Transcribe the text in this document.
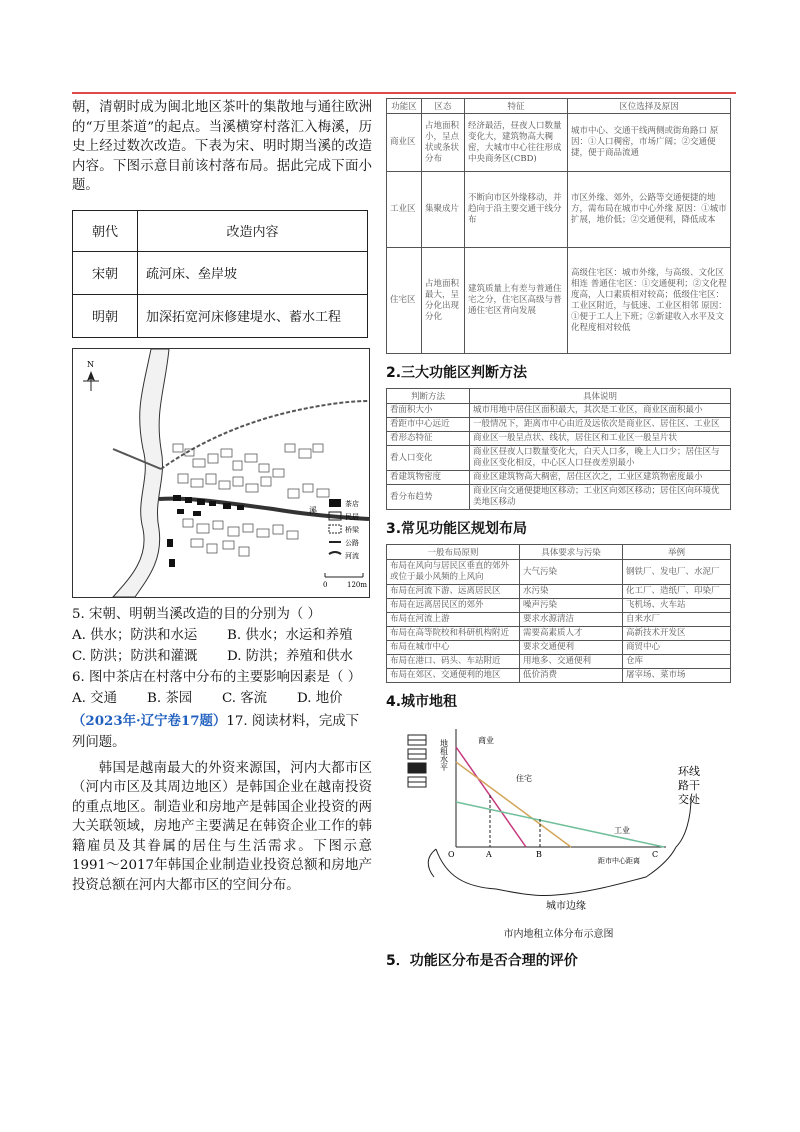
朝，清朝时成为闽北地区茶叶的集散地与通往欧洲的“万里茶道”的起点。当溪横穿村落汇入梅溪，历史上经过数次改造。下表为宋、明时期当溪的改造内容。下图示意目前该村落布局。据此完成下面小题。

朝代	改造内容
宋朝	疏河床、垒岸坡
明朝	加深拓宽河床修建堤水、蓄水工程
N
溪
茶店
民居
桥梁
公路
河流
0	120m

5. 宋朝、明朝当溪改造的目的分别为（ ）

A. 供水；防洪和水运	B. 供水；水运和养殖
C. 防洪；防洪和灌溉	D. 防洪；养殖和供水

6. 图中茶店在村落中分布的主要影响因素是（ ）

A. 交通	B. 茶园	C. 客流	D. 地价

（2023年·辽宁卷17题）17. 阅读材料，完成下列问题。

韩国是越南最大的外资来源国，河内大都市区（河内市区及其周边地区）是韩国企业在越南投资的重点地区。制造业和房地产是韩国企业投资的两大关联领域，房地产主要满足在韩资企业工作的韩籍雇员及其眷属的居住与生活需求。下图示意1991～2017年韩国企业制造业投资总额和房地产投资总额在河内大都市区的空间分布。

功能区	区态	特征	区位选择及原因
商业区	占地面积小，呈点状或条状分布	经济最活，昼夜人口数量变化大，建筑物高大稠密，大城市中心往往形成中央商务区(CBD)	城市中心、交通干线两侧或街角路口 原因：①人口稠密，市场广阔；②交通便捷，便于商品流通
工业区	集聚成片	不断向市区外缘移动，并趋向于沿主要交通干线分布	市区外缘、郊外，公路等交通便捷的地方，需布局在城市中心外缘 原因：①城市扩展，地价低；②交通便利，降低成本
住宅区	占地面积最大，呈分化出现分化	建筑质量上有差与普通住宅之分，住宅区高级与普通住宅区背向发展	高级住宅区：城市外缘，与高级、文化区相连 普通住宅区：①交通便利；②文化程度高，人口素质相对较高；低级住宅区：工业区附近，与低速、工业区相邻 原因：①便于工人上下班；②新建收入水平及文化程度相对较低
2.三大功能区判断方法
判断方法	具体说明
看面积大小	城市用地中居住区面积最大，其次是工业区，商业区面积最小
看距市中心远近	一般情况下，距离市中心由近及远依次是商业区、居住区、工业区
看形态特征	商业区一般呈点状、线状，居住区和工业区一般呈片状
看人口变化	商业区昼夜人口数量变化大，白天人口多，晚上人口少；居住区与商业区变化相反，中心区人口昼夜差别最小
看建筑物密度	商业区建筑物高大稠密，居住区次之，工业区建筑物密度最小
看分布趋势	商业区向交通便捷地区移动；工业区向郊区移动；居住区向环境优美地区移动
3.常见功能区规划布局
一般布局原则	具体要求与污染	举例
布局在风向与居民区垂直的郊外或位于最小风频的上风向	大气污染	钢铁厂、发电厂、水泥厂
布局在河流下游、远离居民区	水污染	化工厂、造纸厂、印染厂
布局在远离居民区的郊外	噪声污染	飞机场、火车站
布局在河流上游	要求水源清洁	自来水厂
布局在高等院校和科研机构附近	需要高素质人才	高新技术开发区
布局在城市中心	要求交通便利	商贸中心
布局在港口、码头、车站附近	用地多、交通便利	仓库
布局在郊区、交通便利的地区	低价消费	屠宰场、菜市场
4.城市地租
地租水平	商业
住宅
工业
O	A	B	C
距市中心距离
城市边缘
环线路干交处
市内地租立体分布示意图
5．功能区分布是否合理的评价
